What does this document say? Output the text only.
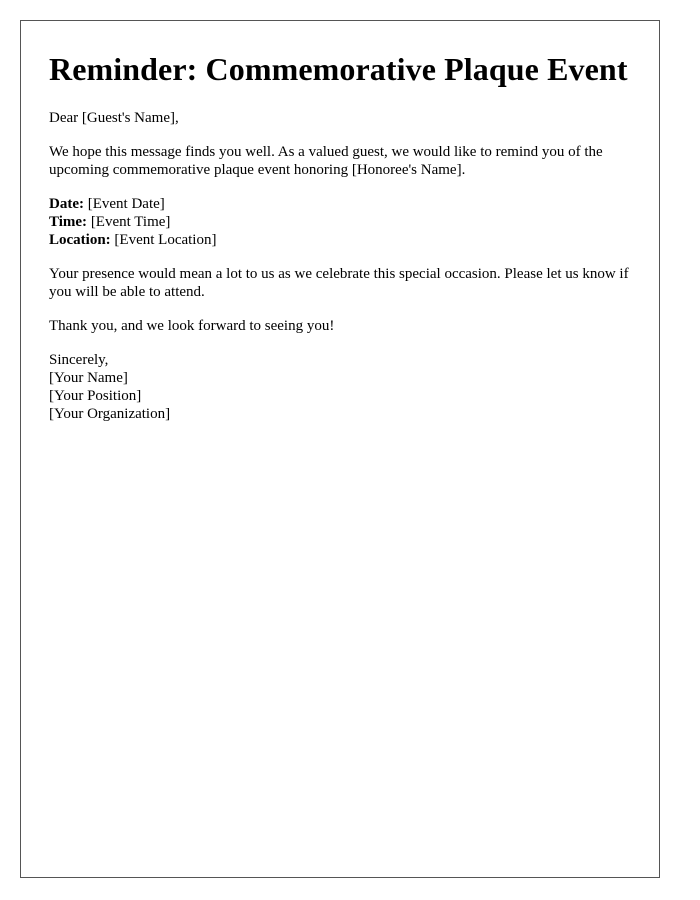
Reminder: Commemorative Plaque Event

Dear [Guest's Name],

We hope this message finds you well. As a valued guest, we would like to remind you of the upcoming commemorative plaque event honoring [Honoree's Name].

Date: [Event Date]
Time: [Event Time]
Location: [Event Location]

Your presence would mean a lot to us as we celebrate this special occasion. Please let us know if you will be able to attend.

Thank you, and we look forward to seeing you!

Sincerely,
[Your Name]
[Your Position]
[Your Organization]
